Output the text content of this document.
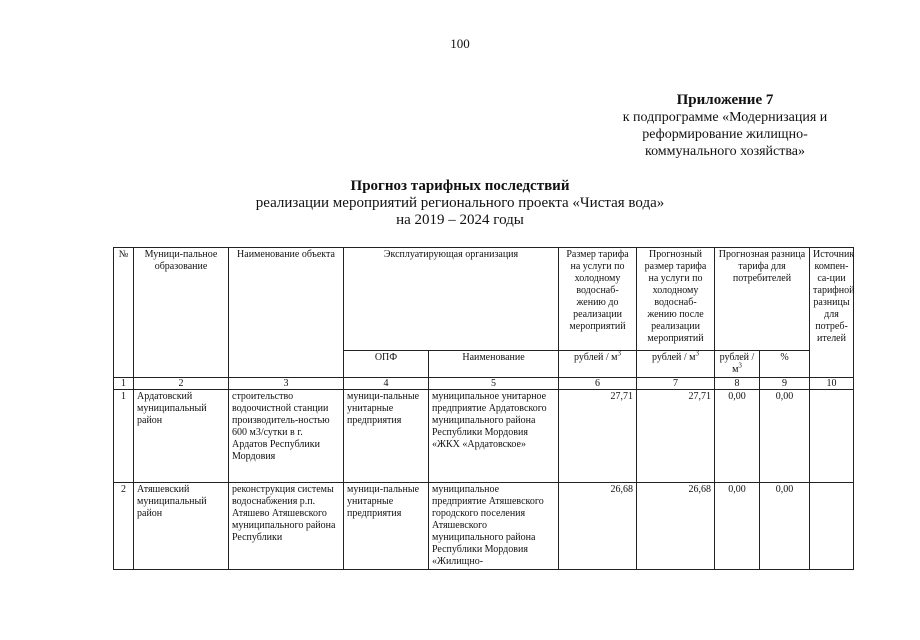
100
Приложение 7
к подпрограмме «Модернизация и
реформирование жилищно-
коммунального хозяйства»
Прогноз тарифных последствий
реализации мероприятий регионального проекта «Чистая вода»
на 2019 – 2024 годы
№	Муници-пальное образование	Наименование объекта	Эксплуатирующая организация		Размер тарифа на услуги по холодному водоснаб-жению до реализации мероприятий	Прогнозный размер тарифа на услуги по холодному водоснаб-жению после реализации мероприятий	Прогнозная разница тарифа для потребителей		Источник компен-са-ции тарифной разницы для потреб-ителей
			ОПФ	Наименование	рублей / $м^3$	рублей / $м^3$	рублей / $м^3$	%	
1	2	3	4	5	6	7	8	9	10
1	Ардатовский муниципальный район	строительство водоочистной станции производитель-ностью 600 м3/сутки в г. Ардатов Республики Мордовия	муници-пальные унитарные предприятия	муниципальное унитарное предприятие Ардатовского муниципального района Республики Мордовия «ЖКХ «Ардатовское»	27,71	27,71	0,00	0,00	
2	Атяшевский муниципальный район	реконструкция системы водоснабжения р.п. Атяшево Атяшевского муниципального района Республики	муници-пальные унитарные предприятия	муниципальное предприятие Атяшевского городского поселения Атяшевского муниципального района Республики Мордовия «Жилищно-	26,68	26,68	0,00	0,00	
